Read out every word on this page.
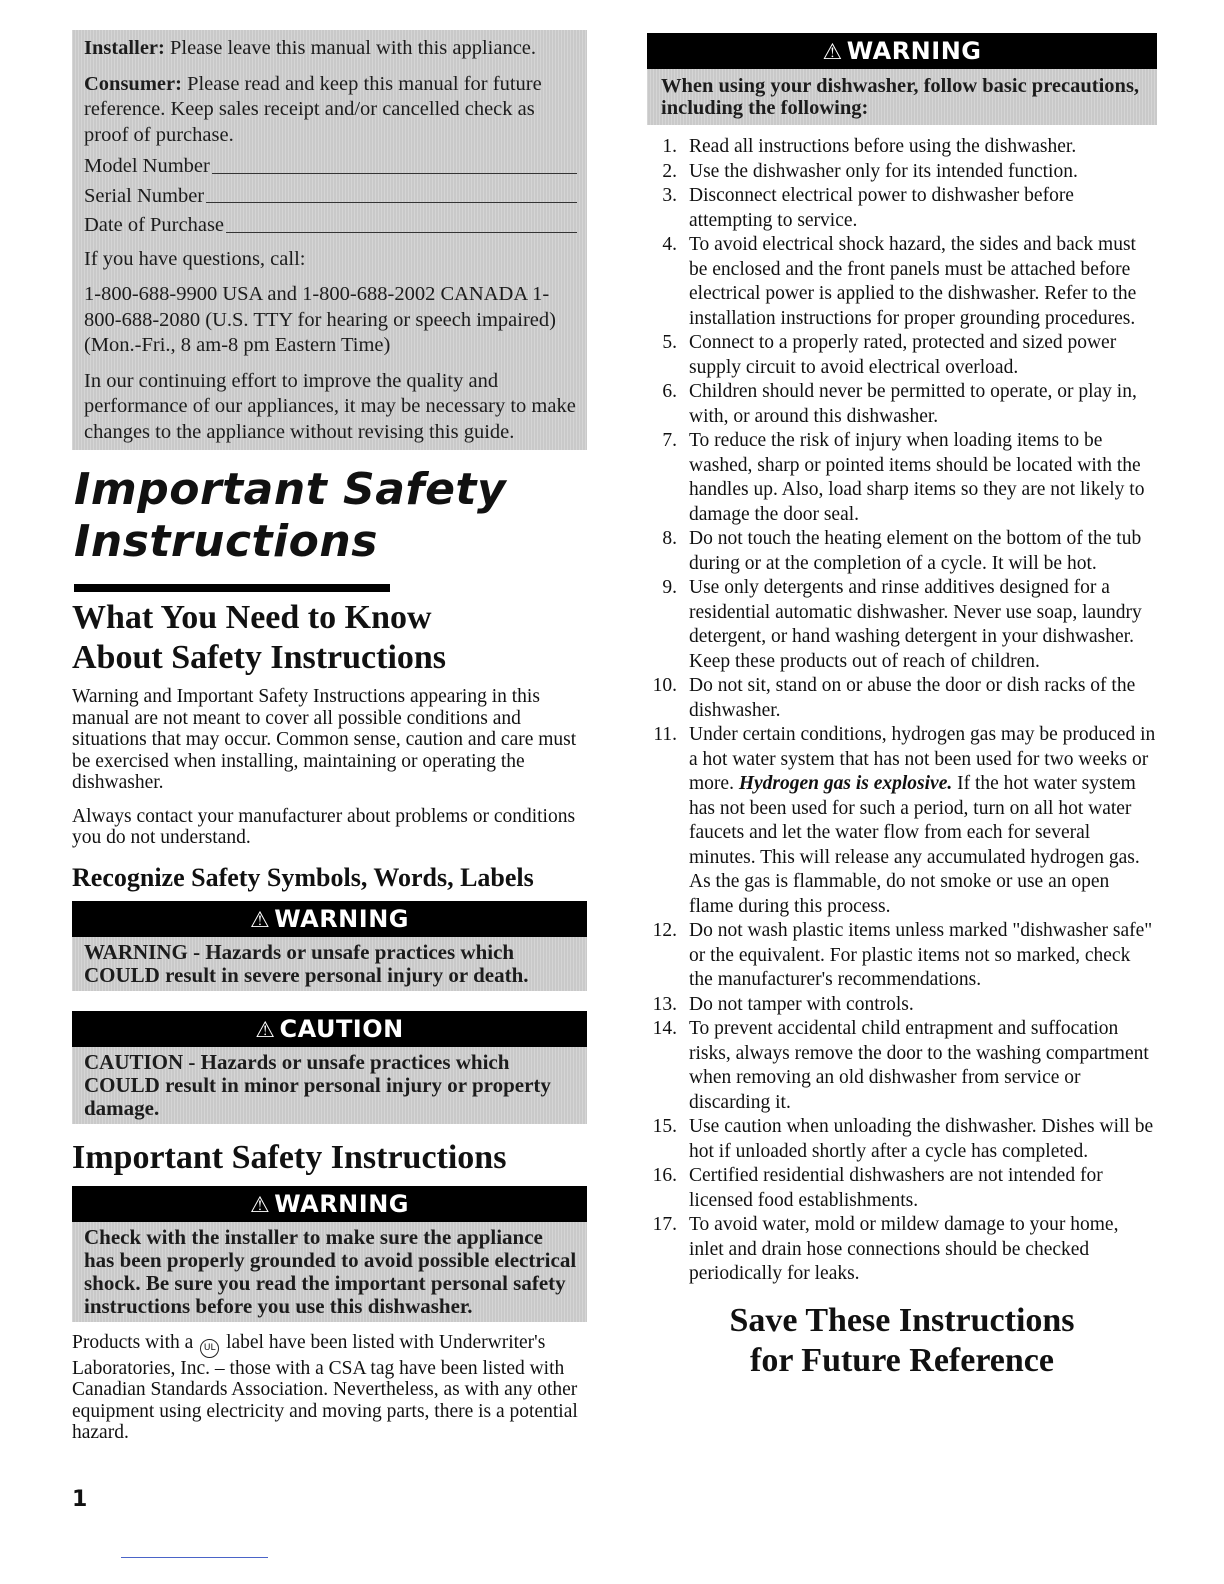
Installer: Please leave this manual with this appliance.

Consumer: Please read and keep this manual for future reference. Keep sales receipt and/or cancelled check as proof of purchase.

Model Number
Serial Number
Date of Purchase

If you have questions, call:

1-800-688-9900 USA and 1-800-688-2002 CANADA 1-800-688-2080 (U.S. TTY for hearing or speech impaired) (Mon.-Fri., 8 am-8 pm Eastern Time)

In our continuing effort to improve the quality and performance of our appliances, it may be necessary to make changes to the appliance without revising this guide.

Important Safety
Instructions
What You Need to Know
About Safety Instructions

Warning and Important Safety Instructions appearing in this manual are not meant to cover all possible conditions and situations that may occur. Common sense, caution and care must be exercised when installing, maintaining or operating the dishwasher.

Always contact your manufacturer about problems or conditions you do not understand.

Recognize Safety Symbols, Words, Labels
⚠ WARNING
WARNING - Hazards or unsafe practices which COULD result in severe personal injury or death.
⚠ CAUTION
CAUTION - Hazards or unsafe practices which COULD result in minor personal injury or property damage.
Important Safety Instructions
⚠ WARNING
Check with the installer to make sure the appliance has been properly grounded to avoid possible electrical shock. Be sure you read the important personal safety instructions before you use this dishwasher.

Products with a UL label have been listed with Underwriter's Laboratories, Inc. – those with a CSA tag have been listed with Canadian Standards Association. Nevertheless, as with any other equipment using electricity and moving parts, there is a potential hazard.

1
⚠ WARNING
When using your dishwasher, follow basic precautions, including the following:
1. Read all instructions before using the dishwasher.
2. Use the dishwasher only for its intended function.
3. Disconnect electrical power to dishwasher before attempting to service.
4. To avoid electrical shock hazard, the sides and back must be enclosed and the front panels must be attached before electrical power is applied to the dishwasher. Refer to the installation instructions for proper grounding procedures.
5. Connect to a properly rated, protected and sized power supply circuit to avoid electrical overload.
6. Children should never be permitted to operate, or play in, with, or around this dishwasher.
7. To reduce the risk of injury when loading items to be washed, sharp or pointed items should be located with the handles up. Also, load sharp items so they are not likely to damage the door seal.
8. Do not touch the heating element on the bottom of the tub during or at the completion of a cycle. It will be hot.
9. Use only detergents and rinse additives designed for a residential automatic dishwasher. Never use soap, laundry detergent, or hand washing detergent in your dishwasher. Keep these products out of reach of children.
10. Do not sit, stand on or abuse the door or dish racks of the dishwasher.
11. Under certain conditions, hydrogen gas may be produced in a hot water system that has not been used for two weeks or more. Hydrogen gas is explosive. If the hot water system has not been used for such a period, turn on all hot water faucets and let the water flow from each for several minutes. This will release any accumulated hydrogen gas. As the gas is flammable, do not smoke or use an open flame during this process.
12. Do not wash plastic items unless marked "dishwasher safe" or the equivalent. For plastic items not so marked, check the manufacturer's recommendations.
13. Do not tamper with controls.
14. To prevent accidental child entrapment and suffocation risks, always remove the door to the washing compartment when removing an old dishwasher from service or discarding it.
15. Use caution when unloading the dishwasher. Dishes will be hot if unloaded shortly after a cycle has completed.
16. Certified residential dishwashers are not intended for licensed food establishments.
17. To avoid water, mold or mildew damage to your home, inlet and drain hose connections should be checked periodically for leaks.
Save These Instructions
for Future Reference
